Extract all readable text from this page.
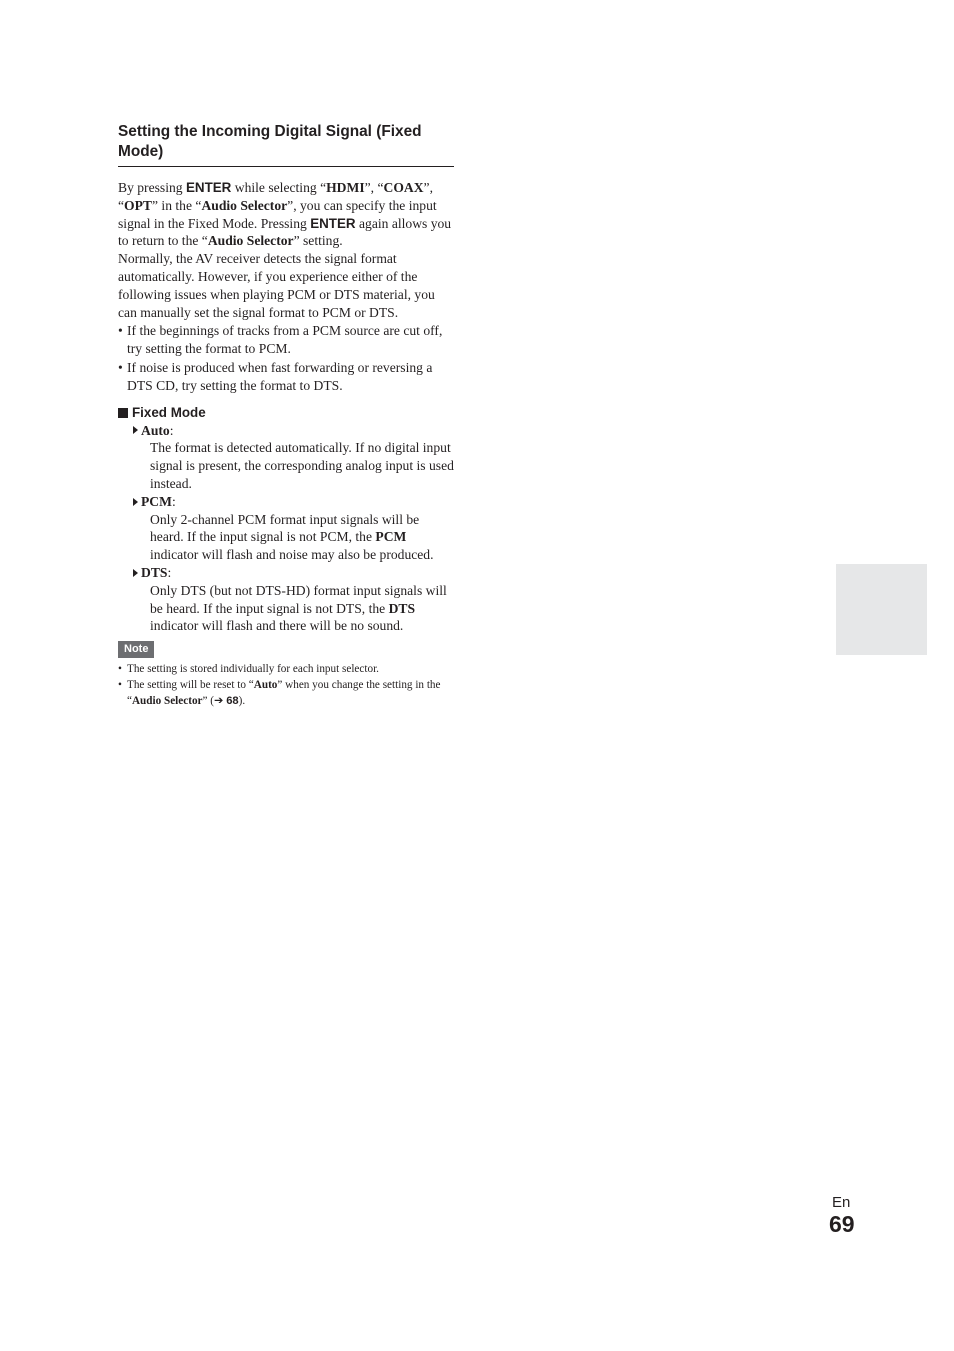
Setting the Incoming Digital Signal (Fixed Mode)

By pressing ENTER while selecting “HDMI”, “COAX”, “OPT” in the “Audio Selector”, you can specify the input signal in the Fixed Mode. Pressing ENTER again allows you to return to the “Audio Selector” setting.

Normally, the AV receiver detects the signal format automatically. However, if you experience either of the following issues when playing PCM or DTS material, you can manually set the signal format to PCM or DTS.

• If the beginnings of tracks from a PCM source are cut off, try setting the format to PCM.
• If noise is produced when fast forwarding or reversing a DTS CD, try setting the format to DTS.
Fixed Mode
Auto :

The format is detected automatically. If no digital input signal is present, the corresponding analog input is used instead.

PCM :

Only 2-channel PCM format input signals will be heard. If the input signal is not PCM, the PCM indicator will flash and noise may also be produced.

DTS :

Only DTS (but not DTS-HD) format input signals will be heard. If the input signal is not DTS, the DTS indicator will flash and there will be no sound.

Note
• The setting is stored individually for each input selector.
• The setting will be reset to “Auto” when you change the setting in the “Audio Selector” (➔ 68).
En
69
